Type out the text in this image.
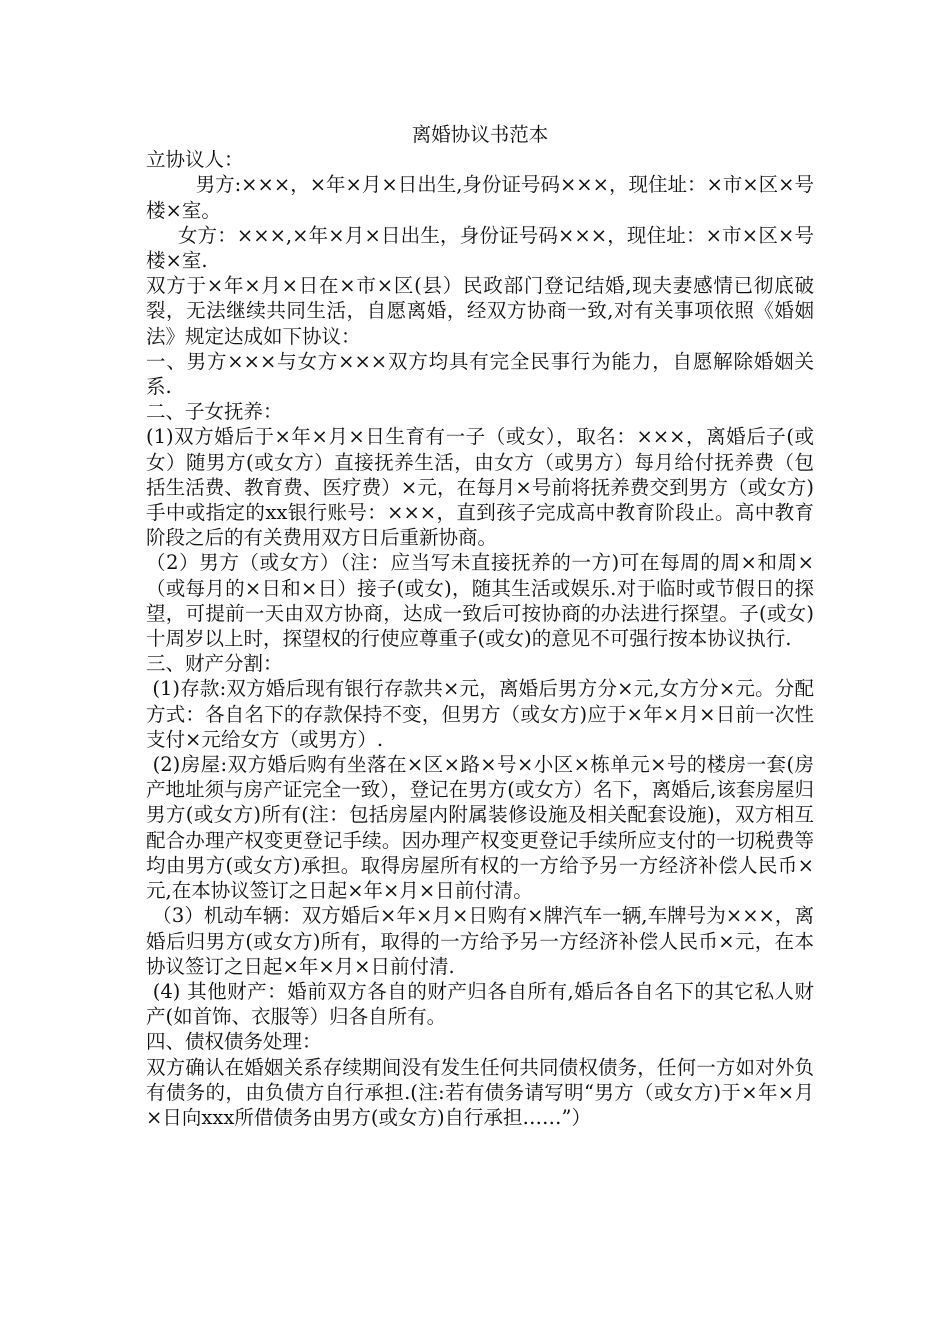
离婚协议书范本

立协议人：

男方:×××，×年×月×日出生,身份证号码×××，现住址：×市×区×号楼×室。

女方：×××,×年×月×日出生，身份证号码×××，现住址：×市×区×号楼×室.

双方于×年×月×日在×市×区(县）民政部门登记结婚,现夫妻感情已彻底破裂，无法继续共同生活，自愿离婚，经双方协商一致,对有关事项依照《婚姻法》规定达成如下协议：

一、男方×××与女方×××双方均具有完全民事行为能力，自愿解除婚姻关系.

二、子女抚养：

(1)双方婚后于×年×月×日生育有一子（或女），取名：×××，离婚后子(或女）随男方(或女方）直接抚养生活，由女方（或男方）每月给付抚养费（包括生活费、教育费、医疗费）×元，在每月×号前将抚养费交到男方（或女方)手中或指定的xx银行账号：×××，直到孩子完成高中教育阶段止。高中教育阶段之后的有关费用双方日后重新协商。

（2）男方（或女方）（注：应当写未直接抚养的一方)可在每周的周×和周×（或每月的×日和×日）接子(或女)，随其生活或娱乐.对于临时或节假日的探望，可提前一天由双方协商，达成一致后可按协商的办法进行探望。子(或女)十周岁以上时，探望权的行使应尊重子(或女)的意见不可强行按本协议执行.

三、财产分割：

(1)存款:双方婚后现有银行存款共×元，离婚后男方分×元,女方分×元。分配方式：各自名下的存款保持不变，但男方（或女方)应于×年×月×日前一次性支付×元给女方（或男方）.

(2)房屋:双方婚后购有坐落在×区×路×号×小区×栋单元×号的楼房一套(房产地址须与房产证完全一致），登记在男方(或女方）名下，离婚后,该套房屋归男方(或女方)所有(注：包括房屋内附属装修设施及相关配套设施)，双方相互配合办理产权变更登记手续。因办理产权变更登记手续所应支付的一切税费等均由男方(或女方)承担。取得房屋所有权的一方给予另一方经济补偿人民币×元,在本协议签订之日起×年×月×日前付清。

（3）机动车辆：双方婚后×年×月×日购有×牌汽车一辆,车牌号为×××，离婚后归男方(或女方)所有，取得的一方给予另一方经济补偿人民币×元，在本协议签订之日起×年×月×日前付清.

(4) 其他财产：婚前双方各自的财产归各自所有,婚后各自名下的其它私人财产(如首饰、衣服等）归各自所有。

四、债权债务处理：

双方确认在婚姻关系存续期间没有发生任何共同债权债务，任何一方如对外负有债务的，由负债方自行承担.(注:若有债务请写明“男方（或女方)于×年×月×日向xxx所借债务由男方(或女方)自行承担……”）
